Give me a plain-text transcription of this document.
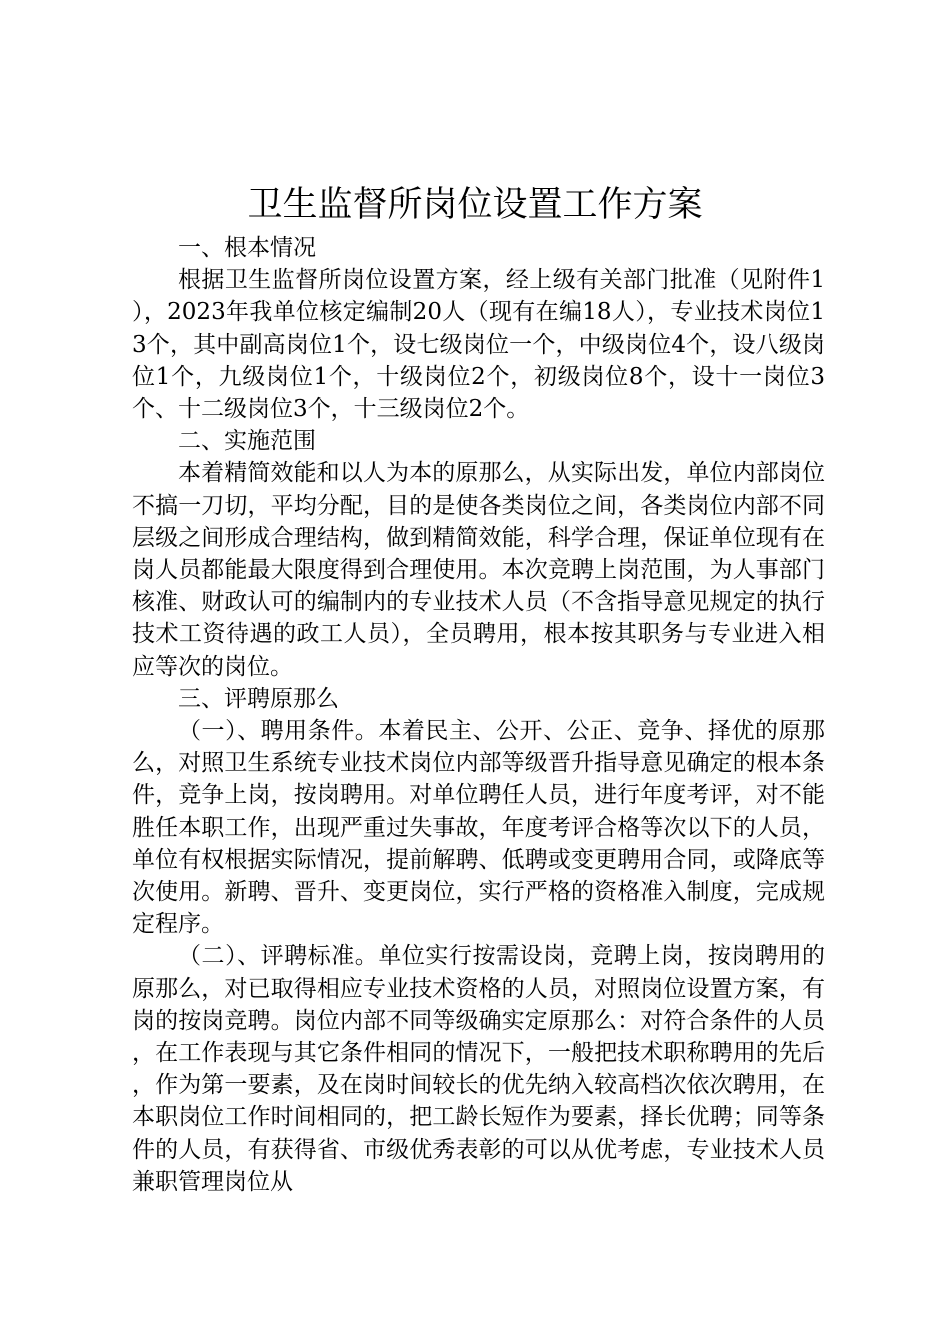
卫生监督所岗位设置工作方案

一、根本情况

根据卫生监督所岗位设置方案，经上级有关部门批准（见附件1），2023年我单位核定编制20人（现有在编18人），专业技术岗位13个，其中副高岗位1个，设七级岗位一个，中级岗位4个，设八级岗位1个，九级岗位1个，十级岗位2个，初级岗位8个，设十一岗位3个、十二级岗位3个，十三级岗位2个。

二、实施范围

本着精简效能和以人为本的原那么，从实际出发，单位内部岗位不搞一刀切，平均分配，目的是使各类岗位之间，各类岗位内部不同层级之间形成合理结构，做到精简效能，科学合理，保证单位现有在岗人员都能最大限度得到合理使用。本次竞聘上岗范围，为人事部门核准、财政认可的编制内的专业技术人员（不含指导意见规定的执行技术工资待遇的政工人员），全员聘用，根本按其职务与专业进入相应等次的岗位。

三、评聘原那么

（一）、聘用条件。本着民主、公开、公正、竞争、择优的原那么，对照卫生系统专业技术岗位内部等级晋升指导意见确定的根本条件，竞争上岗，按岗聘用。对单位聘任人员，进行年度考评，对不能胜任本职工作，出现严重过失事故，年度考评合格等次以下的人员，单位有权根据实际情况，提前解聘、低聘或变更聘用合同，或降底等次使用。新聘、晋升、变更岗位，实行严格的资格准入制度，完成规定程序。

（二）、评聘标准。单位实行按需设岗，竞聘上岗，按岗聘用的原那么，对已取得相应专业技术资格的人员，对照岗位设置方案，有岗的按岗竞聘。岗位内部不同等级确实定原那么：对符合条件的人员，在工作表现与其它条件相同的情况下，一般把技术职称聘用的先后，作为第一要素，及在岗时间较长的优先纳入较高档次依次聘用，在本职岗位工作时间相同的，把工龄长短作为要素，择长优聘；同等条件的人员，有获得省、市级优秀表彰的可以从优考虑，专业技术人员兼职管理岗位从
